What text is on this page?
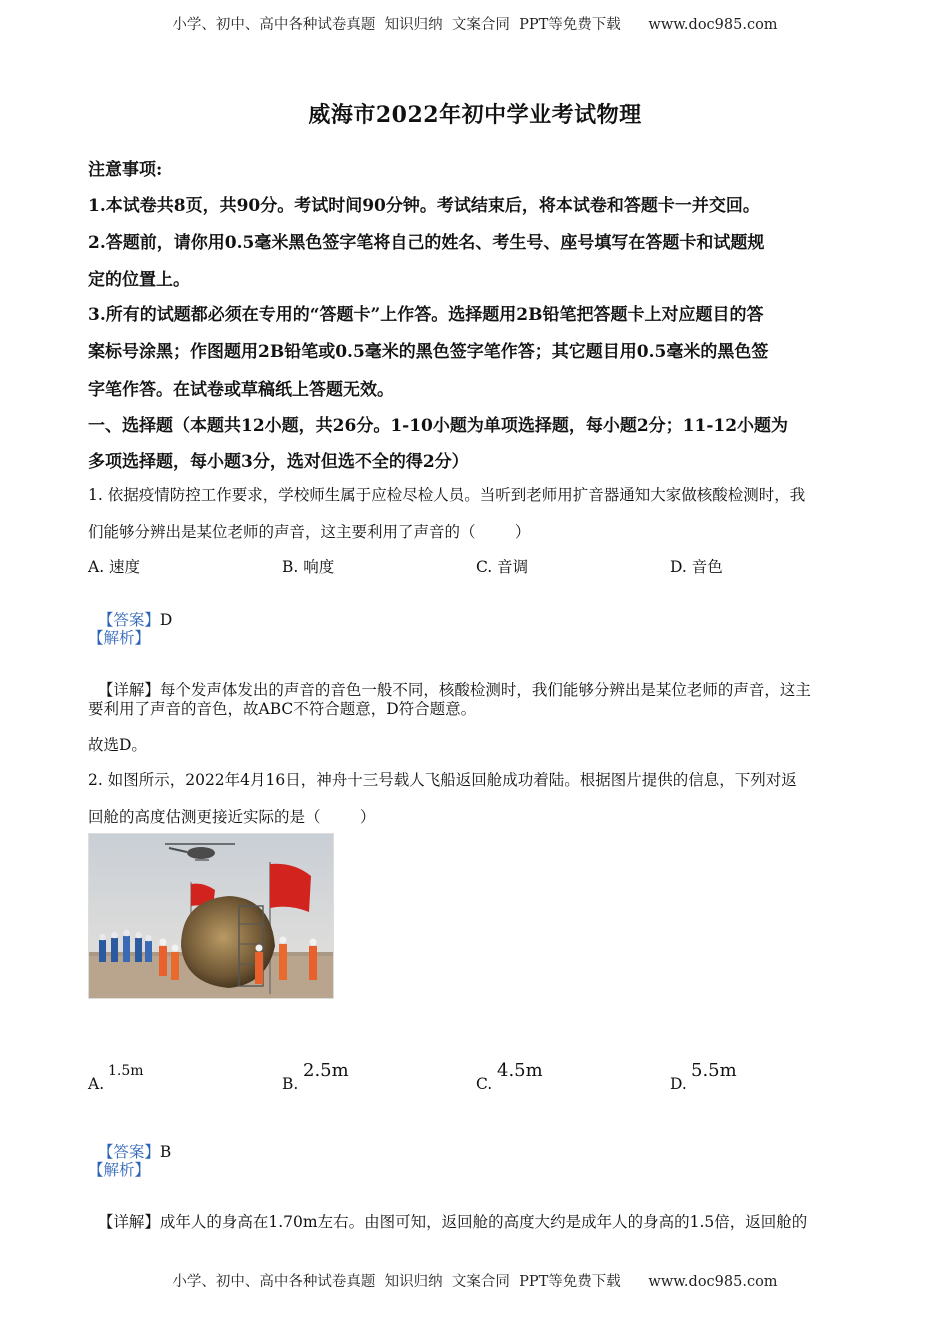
小学、初中、高中各种试卷真题  知识归纳  文案合同  PPT等免费下载      www.doc985.com
威海市2022年初中学业考试物理
注意事项:
1.本试卷共8页，共90分。考试时间90分钟。考试结束后，将本试卷和答题卡一并交回。
2.答题前，请你用0.5毫米黑色签字笔将自己的姓名、考生号、座号填写在答题卡和试题规
定的位置上。
3.所有的试题都必须在专用的“答题卡”上作答。选择题用2B铅笔把答题卡上对应题目的答
案标号涂黑；作图题用2B铅笔或0.5毫米的黑色签字笔作答；其它题目用0.5毫米的黑色签
字笔作答。在试卷或草稿纸上答题无效。
一、选择题（本题共12小题，共26分。1-10小题为单项选择题，每小题2分；11-12小题为
多项选择题，每小题3分，选对但选不全的得2分）
1. 依据疫情防控工作要求，学校师生属于应检尽检人员。当听到老师用扩音器通知大家做核酸检测时，我
们能够分辨出是某位老师的声音，这主要利用了声音的（        ）
A. 速度	B. 响度	C. 音调	D. 音色

【答案】D

【解析】

【详解】每个发声体发出的声音的音色一般不同，核酸检测时，我们能够分辨出是某位老师的声音，这主

要利用了声音的音色，故ABC不符合题意，D符合题意。
故选D。
2. 如图所示，2022年4月16日，神舟十三号载人飞船返回舱成功着陆。根据图片提供的信息，下列对返
回舱的高度估测更接近实际的是（        ）
A.
1.5m
B.
2.5m
C.
4.5m
D.
5.5m

【答案】B

【解析】

【详解】成年人的身高在1.70m左右。由图可知，返回舱的高度大约是成年人的身高的1.5倍，返回舱的

小学、初中、高中各种试卷真题  知识归纳  文案合同  PPT等免费下载      www.doc985.com
